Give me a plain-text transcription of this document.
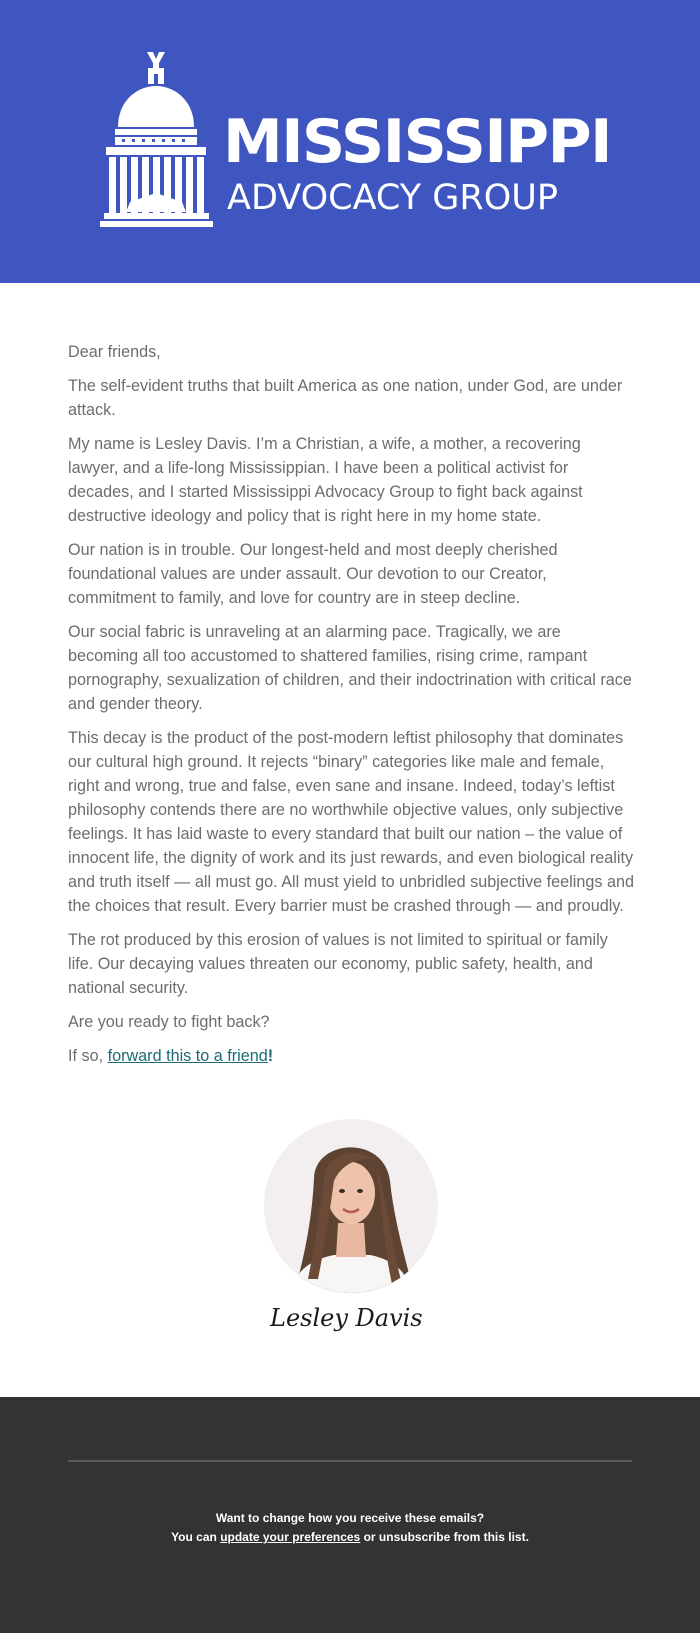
MISSISSIPPI
ADVOCACY GROUP

Dear friends,

The self-evident truths that built America as one nation, under God, are under attack.

My name is Lesley Davis. I’m a Christian, a wife, a mother, a recovering lawyer, and a life-long Mississippian. I have been a political activist for decades, and I started Mississippi Advocacy Group to fight back against destructive ideology and policy that is right here in my home state.

Our nation is in trouble. Our longest-held and most deeply cherished foundational values are under assault. Our devotion to our Creator, commitment to family, and love for country are in steep decline.

Our social fabric is unraveling at an alarming pace. Tragically, we are becoming all too accustomed to shattered families, rising crime, rampant pornography, sexualization of children, and their indoctrination with critical race and gender theory.

This decay is the product of the post-modern leftist philosophy that dominates our cultural high ground. It rejects “binary” categories like male and female, right and wrong, true and false, even sane and insane. Indeed, today’s leftist philosophy contends there are no worthwhile objective values, only subjective feelings. It has laid waste to every standard that built our nation – the value of innocent life, the dignity of work and its just rewards, and even biological reality and truth itself — all must go. All must yield to unbridled subjective feelings and the choices that result. Every barrier must be crashed through — and proudly.

The rot produced by this erosion of values is not limited to spiritual or family life. Our decaying values threaten our economy, public safety, health, and national security.

Are you ready to fight back?

If so, forward this to a friend!

Lesley Davis
Want to change how you receive these emails?
You can update your preferences or unsubscribe from this list.
